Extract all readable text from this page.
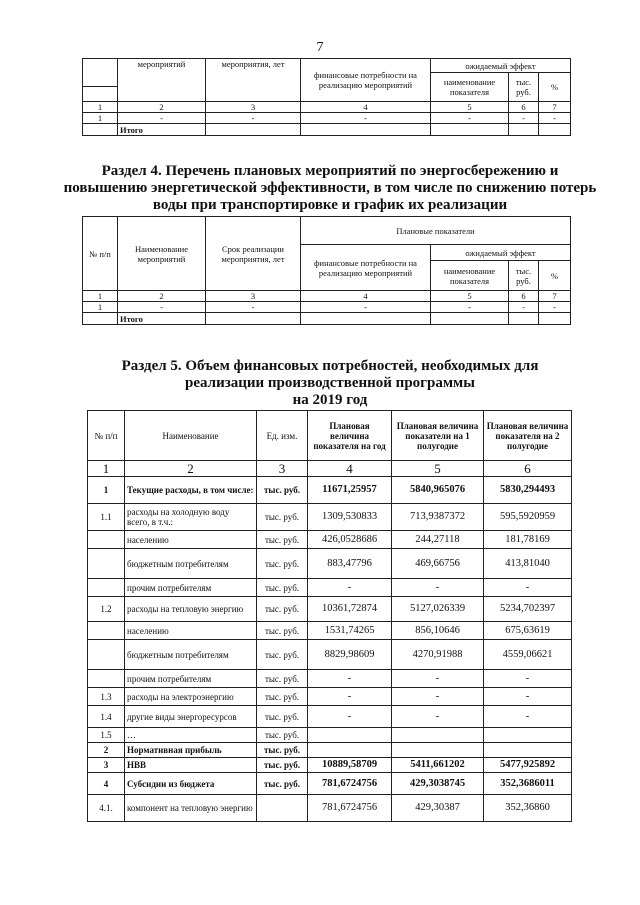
7
	мероприятий	мероприятия, лет	финансовые потребности на реализацию мероприятий	ожидаемый эффект		
				наименование показателя	тыс. руб.	%

1	2	3	4	5	6	7
1	-	-	-	-	-	-
	Итого					
Раздел 4. Перечень плановых мероприятий по энергосбережению и повышению энергетической эффективности, в том числе по снижению потерь воды при транспортировке и график их реализации
№ п/п	Наименование мероприятий	Срок реализации мероприятия, лет	Плановые показатели			
			финансовые потребности на реализацию мероприятий	ожидаемый эффект		
				наименование показателя	тыс. руб.	%
1	2	3	4	5	6	7
1	-	-	-	-	-	-
	Итого					
Раздел 5. Объем финансовых потребностей, необходимых для
реализации производственной программы
на 2019 год
№ п/п	Наименование	Ед. изм.	Плановая величина показателя на год	Плановая величина показатели на 1 полугодие	Плановая величина показателя на 2 полугодие
1	2	3	4	5	6
1	Текущие расходы, в том числе:	тыс. руб.	11671,25957	5840,965076	5830,294493
1.1	расходы на холодную воду всего, в т.ч.:	тыс. руб.	1309,530833	713,9387372	595,5920959
	населению	тыс. руб.	426,0528686	244,27118	181,78169
	бюджетным потребителям	тыс. руб.	883,47796	469,66756	413,81040
	прочим потребителям	тыс. руб.	-	-	-
1.2	расходы на тепловую энергию	тыс. руб.	10361,72874	5127,026339	5234,702397
	населению	тыс. руб.	1531,74265	856,10646	675,63619
	бюджетным потребителям	тыс. руб.	8829,98609	4270,91988	4559,06621
	прочим потребителям	тыс. руб.	-	-	-
1.3	расходы на электроэнергию	тыс. руб.	-	-	-
1.4	другие виды энергоресурсов	тыс. руб.	-	-	-
1.5	…	тыс. руб.			
2	Нормативная прибыль	тыс. руб.			
3	НВВ	тыс. руб.	10889,58709	5411,661202	5477,925892
4	Субсидии из бюджета	тыс. руб.	781,6724756	429,3038745	352,3686011
4.1.	компонент на тепловую энергию		781,6724756	429,30387	352,36860
